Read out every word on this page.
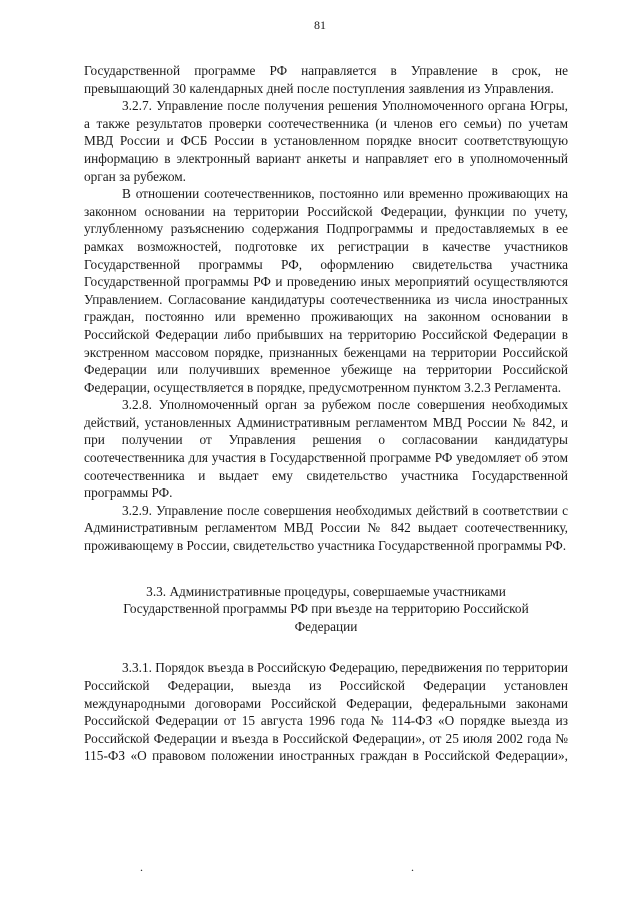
81

Государственной программе РФ направляется в Управление в срок, не превышающий 30 календарных дней после поступления заявления из Управления.

3.2.7. Управление после получения решения Уполномоченного органа Югры, а также результатов проверки соотечественника (и членов его семьи) по учетам МВД России и ФСБ России в установленном порядке вносит соответствующую информацию в электронный вариант анкеты и направляет его в уполномоченный орган за рубежом.

В отношении соотечественников, постоянно или временно проживающих на законном основании на территории Российской Федерации, функции по учету, углубленному разъяснению содержания Подпрограммы и предоставляемых в ее рамках возможностей, подготовке их регистрации в качестве участников Государственной программы РФ, оформлению свидетельства участника Государственной программы РФ и проведению иных мероприятий осуществляются Управлением. Согласование кандидатуры соотечественника из числа иностранных граждан, постоянно или временно проживающих на законном основании в Российской Федерации либо прибывших на территорию Российской Федерации в экстренном массовом порядке, признанных беженцами на территории Российской Федерации или получивших временное убежище на территории Российской Федерации, осуществляется в порядке, предусмотренном пунктом 3.2.3 Регламента.

3.2.8. Уполномоченный орган за рубежом после совершения необходимых действий, установленных Административным регламентом МВД России № 842, и при получении от Управления решения о согласовании кандидатуры соотечественника для участия в Государственной программе РФ уведомляет об этом соотечественника и выдает ему свидетельство участника Государственной программы РФ.

3.2.9. Управление после совершения необходимых действий в соответствии с Административным регламентом МВД России № 842 выдает соотечественнику, проживающему в России, свидетельство участника Государственной программы РФ.

3.3. Административные процедуры, совершаемые участниками Государственной программы РФ при въезде на территорию Российской Федерации

3.3.1. Порядок въезда в Российскую Федерацию, передвижения по территории Российской Федерации, выезда из Российской Федерации установлен международными договорами Российской Федерации, федеральными законами Российской Федерации от 15 августа 1996 года № 114-ФЗ «О порядке выезда из Российской Федерации и въезда в Российской Федерации», от 25 июля 2002 года № 115-ФЗ «О правовом положении иностранных граждан в Российской Федерации»,

.	.
